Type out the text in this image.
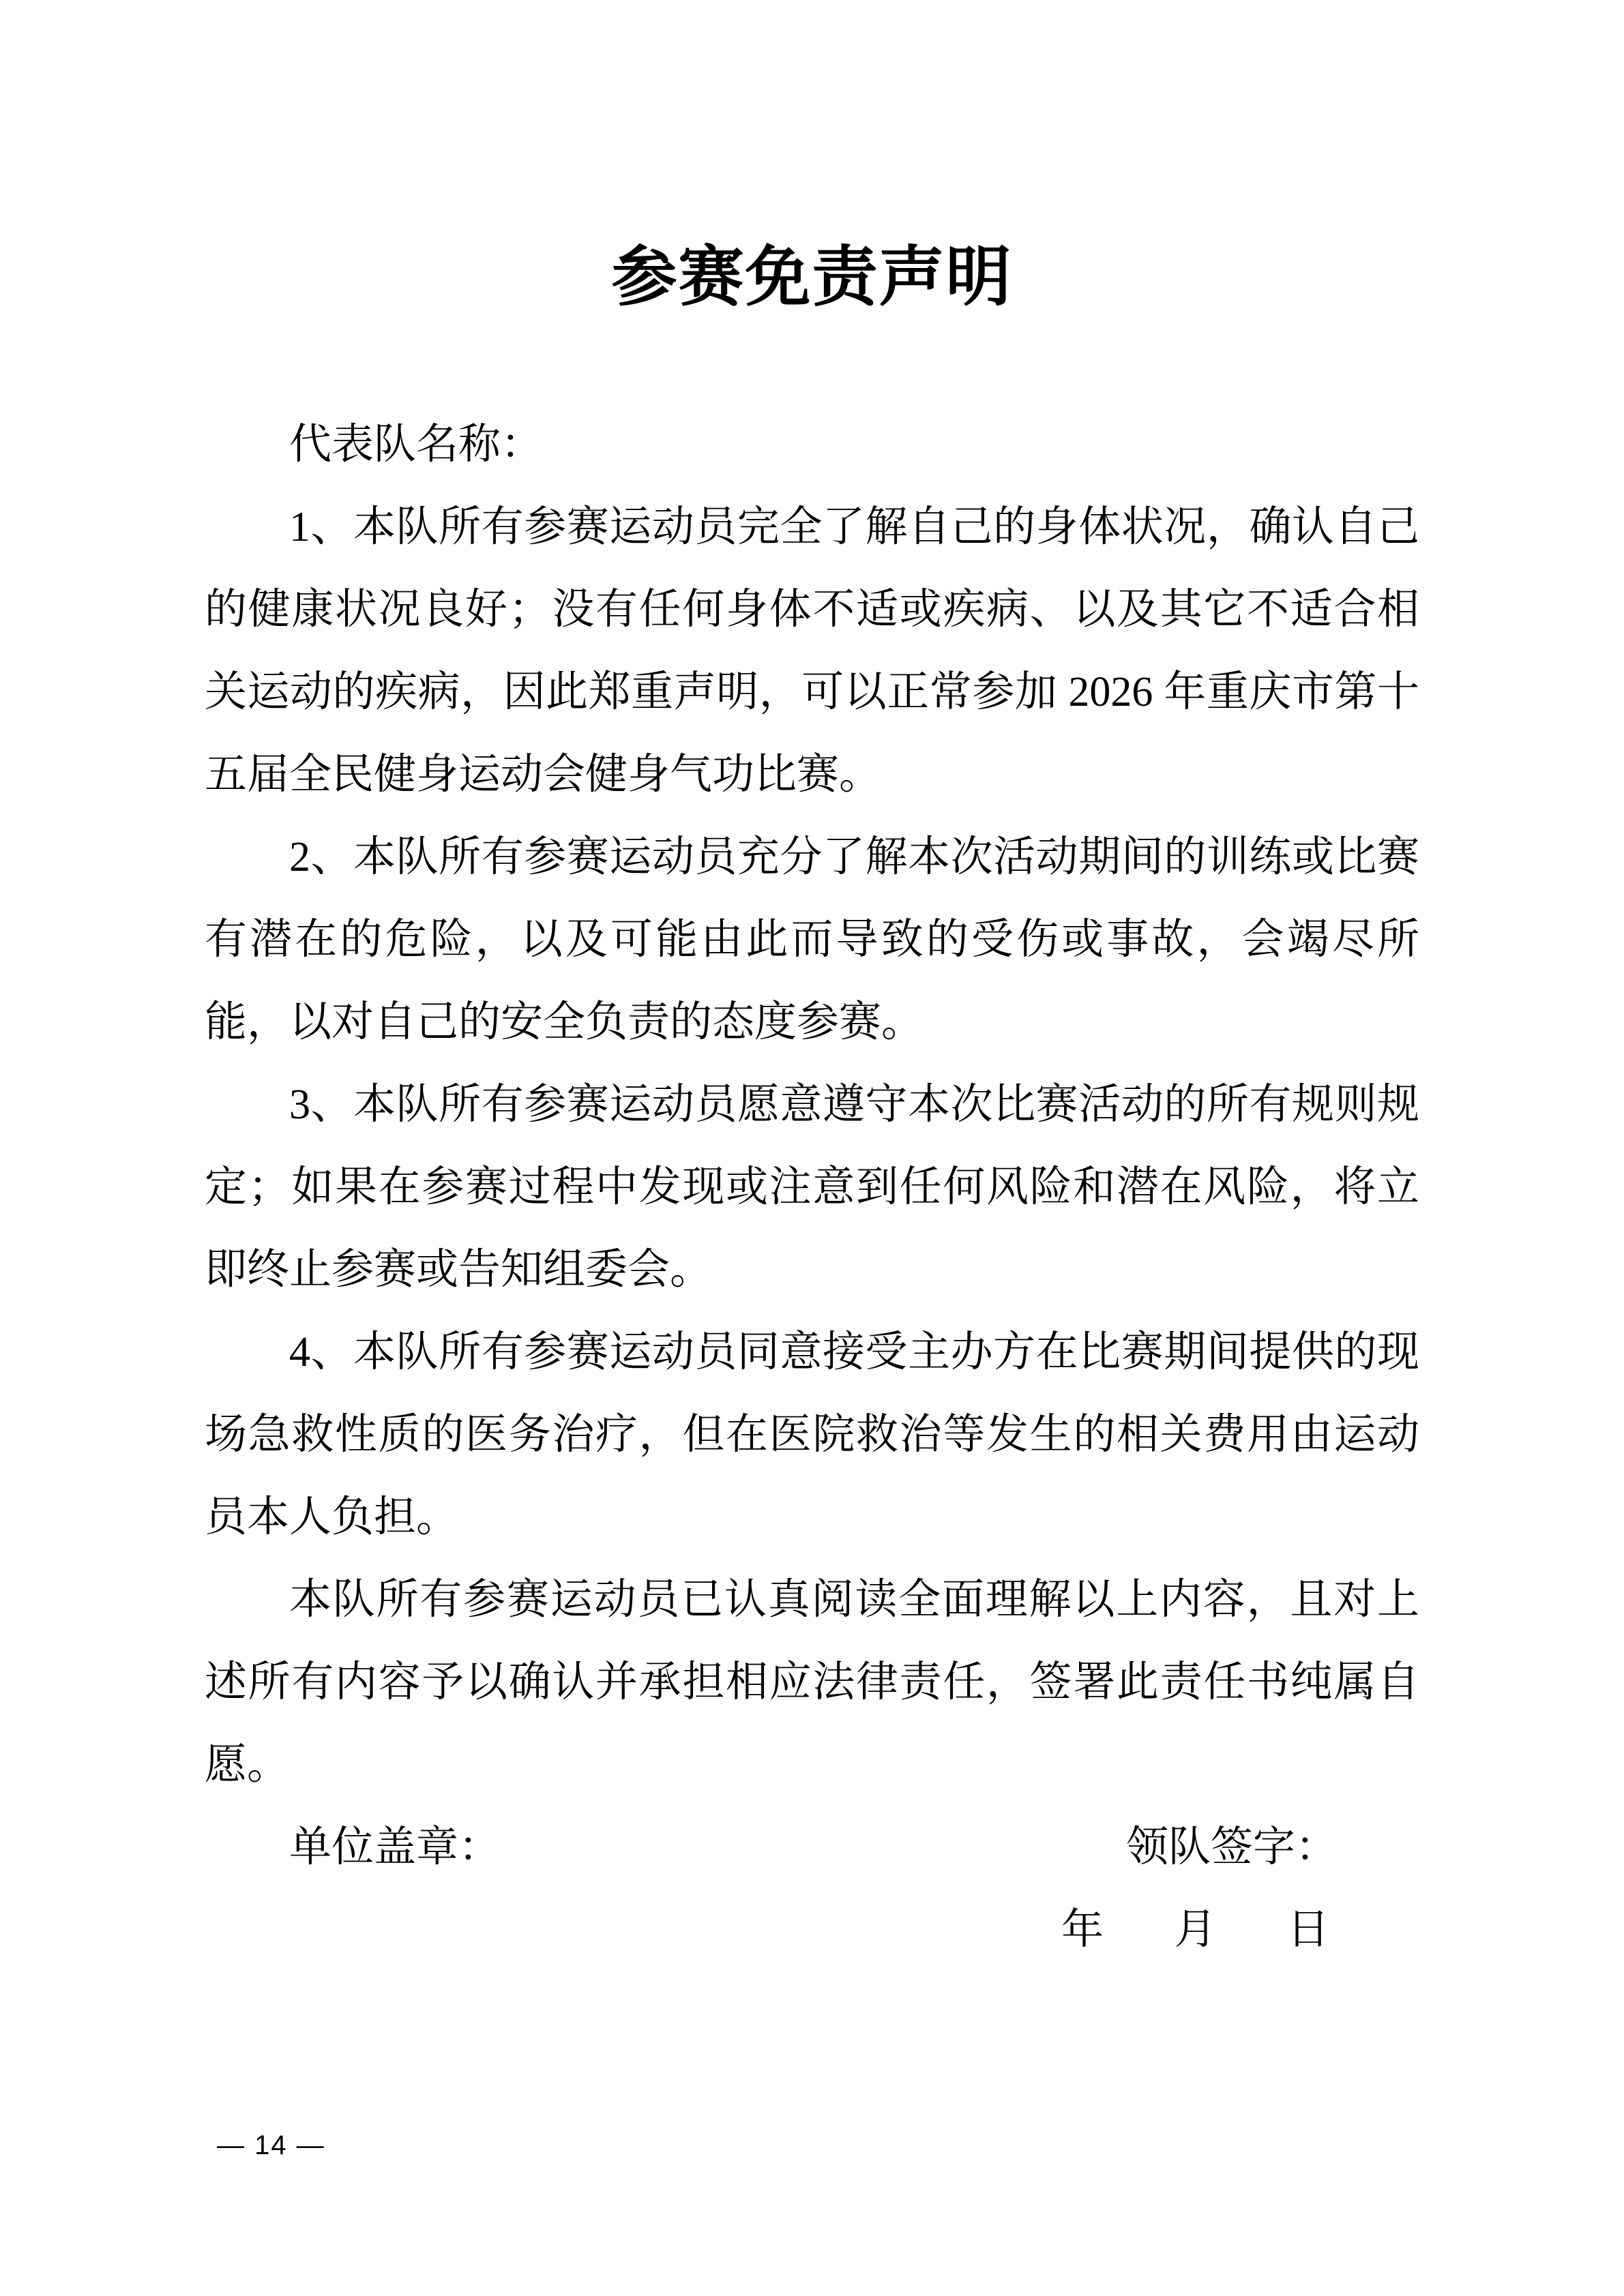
参赛免责声明

代表队名称：

1、本队所有参赛运动员完全了解自己的身体状况，确认自己的健康状况良好；没有任何身体不适或疾病、以及其它不适合相关运动的疾病，因此郑重声明，可以正常参加 2026 年重庆市第十五届全民健身运动会健身气功比赛。

2、本队所有参赛运动员充分了解本次活动期间的训练或比赛有潜在的危险，以及可能由此而导致的受伤或事故，会竭尽所能，以对自己的安全负责的态度参赛。

3、本队所有参赛运动员愿意遵守本次比赛活动的所有规则规定；如果在参赛过程中发现或注意到任何风险和潜在风险，将立即终止参赛或告知组委会。

4、本队所有参赛运动员同意接受主办方在比赛期间提供的现场急救性质的医务治疗，但在医院救治等发生的相关费用由运动员本人负担。

本队所有参赛运动员已认真阅读全面理解以上内容，且对上述所有内容予以确认并承担相应法律责任，签署此责任书纯属自愿。

单位盖章：	领队签字：
年 月 日
— 14 —
